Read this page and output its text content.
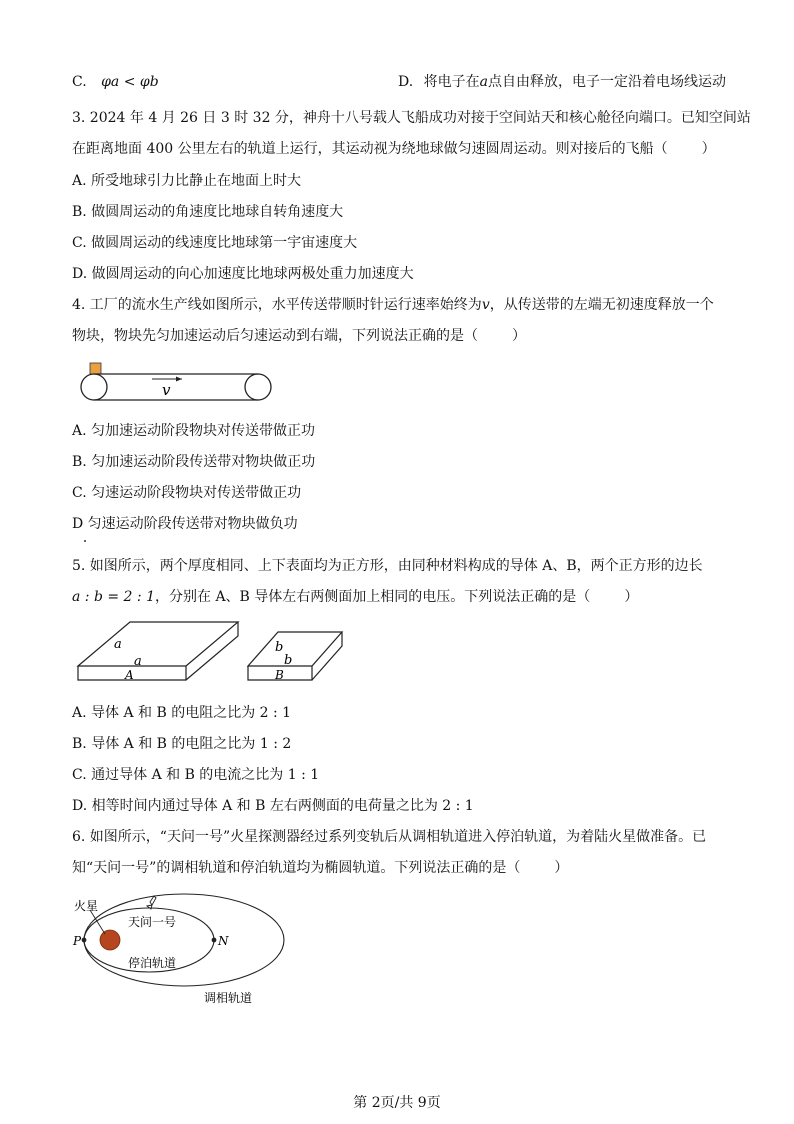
C. φa < φb	D. 将电子在a点自由释放，电子一定沿着电场线运动
3. 2024 年 4 月 26 日 3 时 32 分，神舟十八号载人飞船成功对接于空间站天和核心舱径向端口。已知空间站
在距离地面 400 公里左右的轨道上运行，其运动视为绕地球做匀速圆周运动。则对接后的飞船（ ）
A. 所受地球引力比静止在地面上时大
B. 做圆周运动的角速度比地球自转角速度大
C. 做圆周运动的线速度比地球第一宇宙速度大
D. 做圆周运动的向心加速度比地球两极处重力加速度大
4. 工厂的流水生产线如图所示，水平传送带顺时针运行速率始终为v，从传送带的左端无初速度释放一个
物块，物块先匀加速运动后匀速运动到右端，下列说法正确的是（ ）
v
A. 匀加速运动阶段物块对传送带做正功
B. 匀加速运动阶段传送带对物块做正功
C. 匀速运动阶段物块对传送带做正功
D 匀速运动阶段传送带对物块做负功
5. 如图所示，两个厚度相同、上下表面均为正方形，由同种材料构成的导体 A、B，两个正方形的边长
a : b = 2 : 1，分别在 A、B 导体左右两侧面加上相同的电压。下列说法正确的是（ ）
a
a
A
b
b
B
A. 导体 A 和 B 的电阻之比为 2 : 1
B. 导体 A 和 B 的电阻之比为 1 : 2
C. 通过导体 A 和 B 的电流之比为 1 : 1
D. 相等时间内通过导体 A 和 B 左右两侧面的电荷量之比为 2 : 1
6. 如图所示，“天问一号”火星探测器经过系列变轨后从调相轨道进入停泊轨道，为着陆火星做准备。已
知“天问一号”的调相轨道和停泊轨道均为椭圆轨道。下列说法正确的是（ ）
火星
天问一号
P	N
停泊轨道
调相轨道
第 2页/共 9页
